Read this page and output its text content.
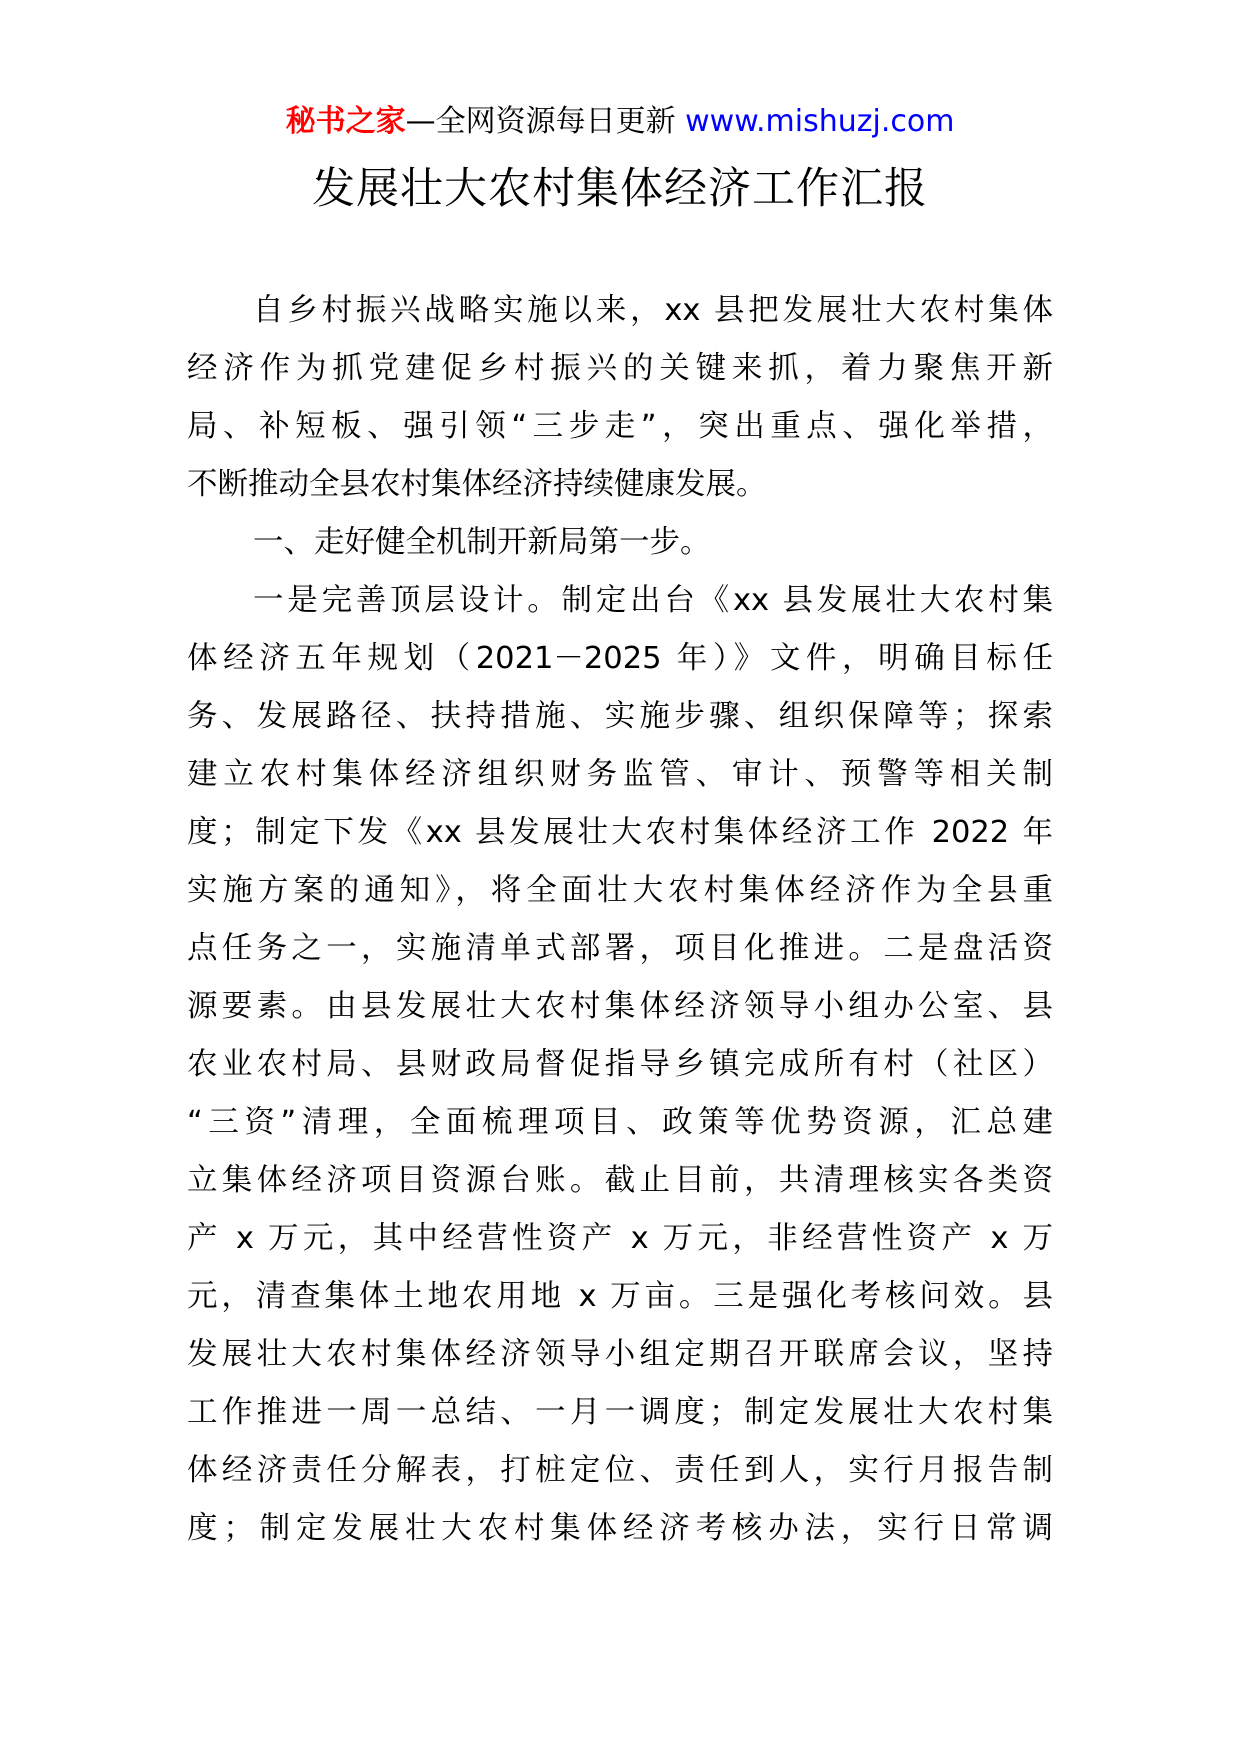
秘书之家—全网资源每日更新 www.mishuzj.com
发展壮大农村集体经济工作汇报
自乡村振兴战略实施以来，xx 县把发展壮大农村集体
经济作为抓党建促乡村振兴的关键来抓，着力聚焦开新
局、补短板、强引领“三步走”，突出重点、强化举措，
不断推动全县农村集体经济持续健康发展。
一、走好健全机制开新局第一步。
一是完善顶层设计。制定出台《xx 县发展壮大农村集
体经济五年规划（2021－2025 年）》文件，明确目标任
务、发展路径、扶持措施、实施步骤、组织保障等；探索
建立农村集体经济组织财务监管、审计、预警等相关制
度；制定下发《xx 县发展壮大农村集体经济工作 2022 年
实施方案的通知》，将全面壮大农村集体经济作为全县重
点任务之一，实施清单式部署，项目化推进。二是盘活资
源要素。由县发展壮大农村集体经济领导小组办公室、县
农业农村局、县财政局督促指导乡镇完成所有村（社区）
“三资”清理，全面梳理项目、政策等优势资源，汇总建
立集体经济项目资源台账。截止目前，共清理核实各类资
产 x 万元，其中经营性资产 x 万元，非经营性资产 x 万
元，清查集体土地农用地 x 万亩。三是强化考核问效。县
发展壮大农村集体经济领导小组定期召开联席会议，坚持
工作推进一周一总结、一月一调度；制定发展壮大农村集
体经济责任分解表，打桩定位、责任到人，实行月报告制
度；制定发展壮大农村集体经济考核办法，实行日常调
